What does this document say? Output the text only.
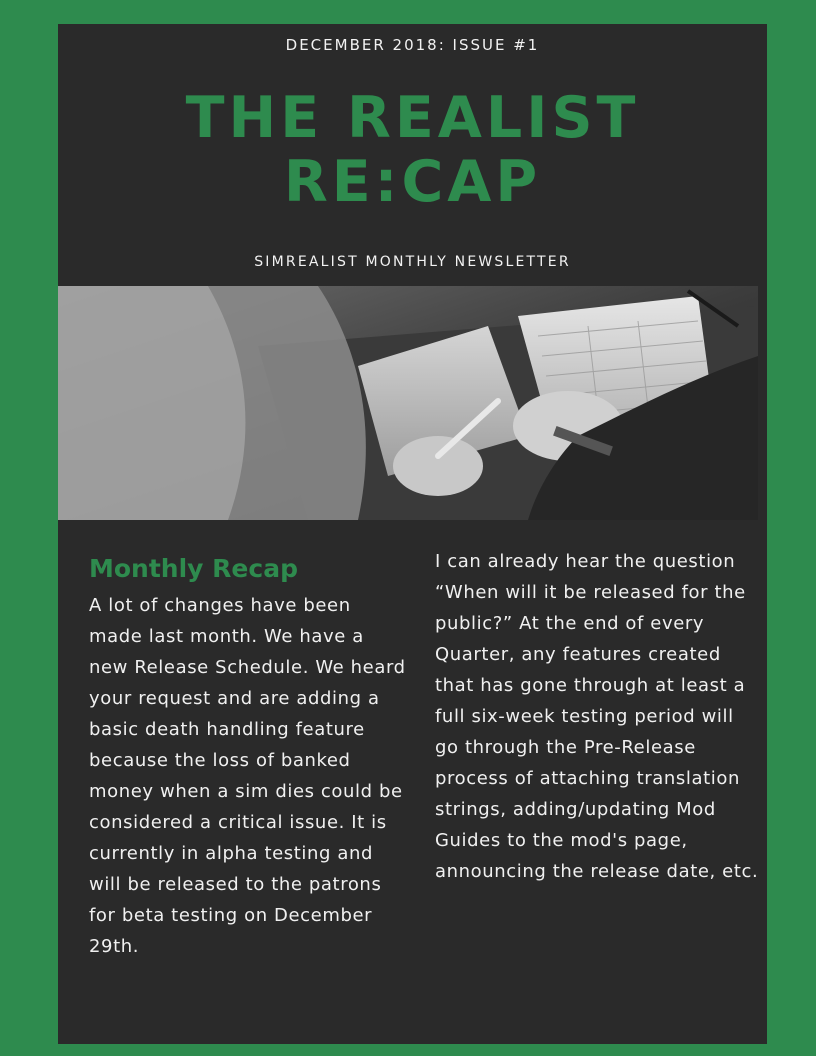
DECEMBER 2018: ISSUE #1
THE REALIST
RE:CAP
SIMREALIST MONTHLY NEWSLETTER
Monthly Recap

A lot of changes have been made last month. We have a new Release Schedule. We heard your request and are adding a basic death handling feature because the loss of banked money when a sim dies could be considered a critical issue. It is currently in alpha testing and will be released to the patrons for beta testing on December 29th.

I can already hear the question “When will it be released for the public?” At the end of every Quarter, any features created that has gone through at least a full six-week testing period will go through the Pre-Release process of attaching translation strings, adding/updating Mod Guides to the mod's page, announcing the release date, etc.
